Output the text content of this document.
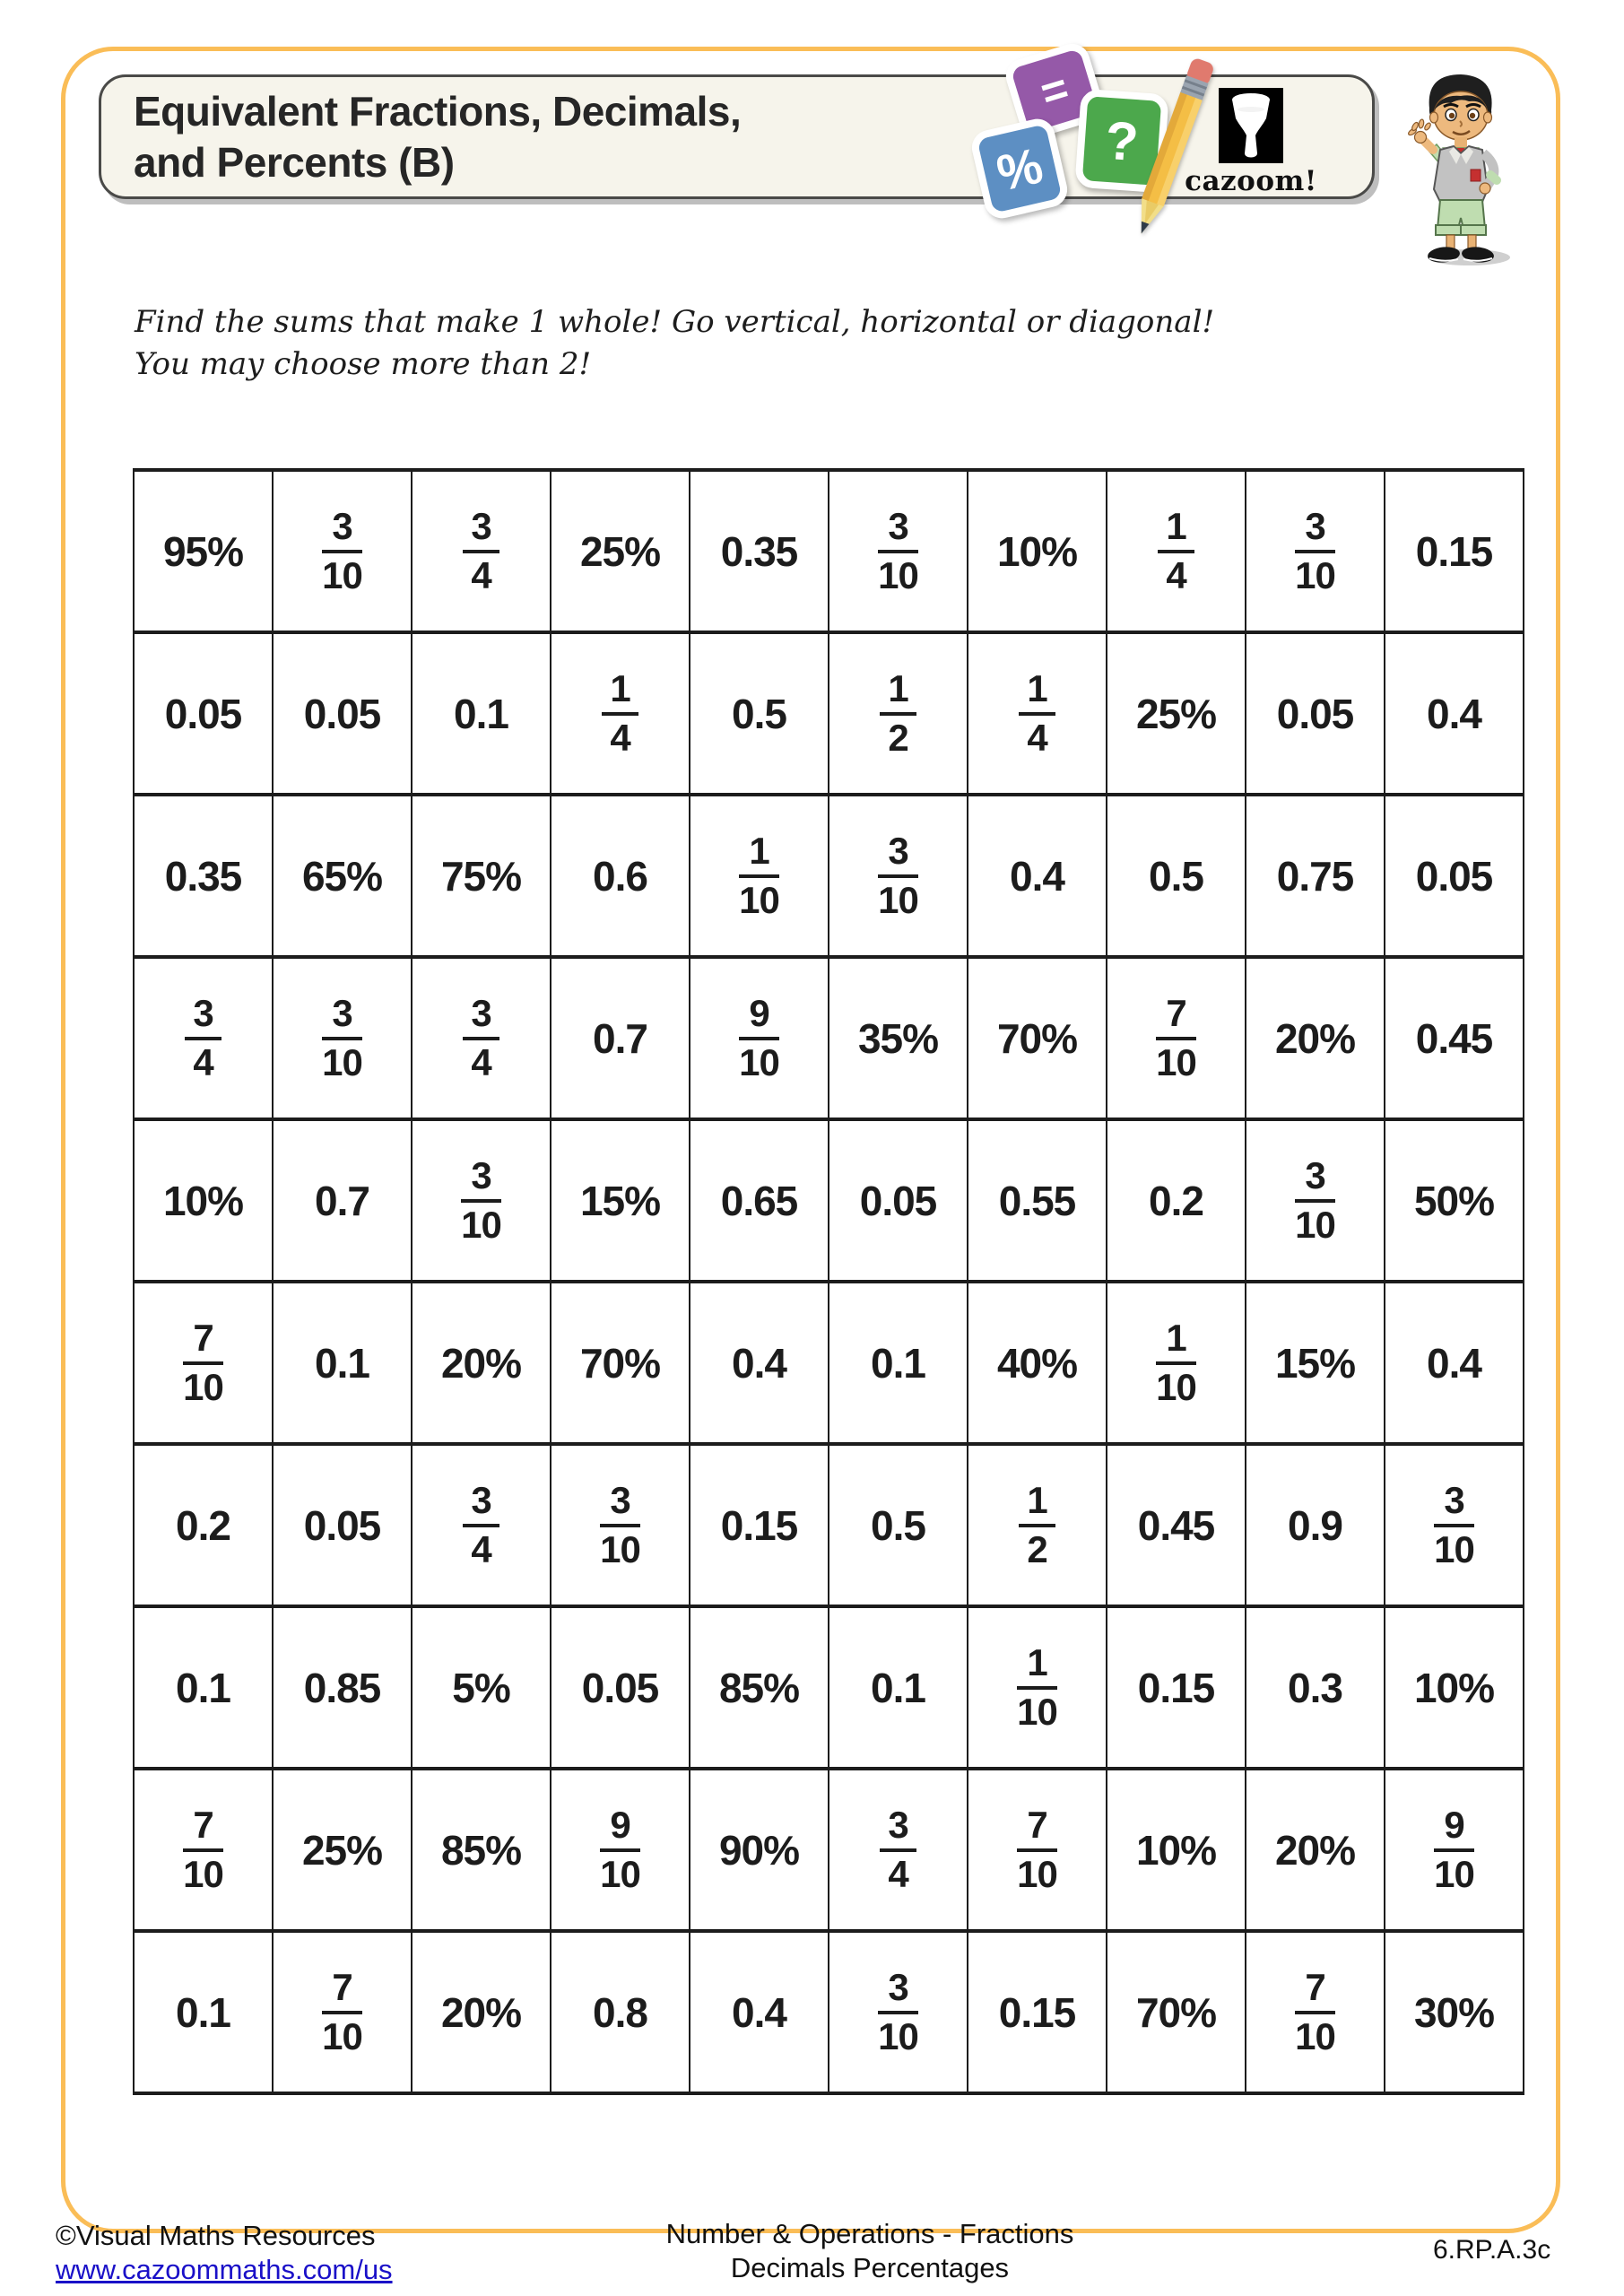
Equivalent Fractions, Decimals,
and Percents (B)	cazoom!
=
?
%
Find the sums that make 1 whole! Go vertical, horizontal or diagonal!
You may choose more than 2!
95%	$\frac{3}{10}$	$\frac{3}{4}$	25%	0.35	$\frac{3}{10}$	10%	$\frac{1}{4}$	$\frac{3}{10}$	0.15
0.05	0.05	0.1	$\frac{1}{4}$	0.5	$\frac{1}{2}$	$\frac{1}{4}$	25%	0.05	0.4
0.35	65%	75%	0.6	$\frac{1}{10}$	$\frac{3}{10}$	0.4	0.5	0.75	0.05

$\frac{3}{4}$	$\frac{3}{10}$	$\frac{3}{4}$	0.7	$\frac{9}{10}$	35%	70%	$\frac{7}{10}$	20%	0.45
10%	0.7	$\frac{3}{10}$	15%	0.65	0.05	0.55	0.2	$\frac{3}{10}$	50%

$\frac{7}{10}$	0.1	20%	70%	0.4	0.1	40%	$\frac{1}{10}$	15%	0.4
0.2	0.05	$\frac{3}{4}$	$\frac{3}{10}$	0.15	0.5	$\frac{1}{2}$	0.45	0.9	$\frac{3}{10}$

0.1	0.85	5%	0.05	85%	0.1	$\frac{1}{10}$	0.15	0.3	10%

$\frac{7}{10}$	25%	85%	$\frac{9}{10}$	90%	$\frac{3}{4}$	$\frac{7}{10}$	10%	20%	$\frac{9}{10}$

0.1	$\frac{7}{10}$	20%	0.8	0.4	$\frac{3}{10}$	0.15	70%	$\frac{7}{10}$	30%
©Visual Maths Resources
www.cazoommaths.com/us
Number & Operations - Fractions
Decimals Percentages
6.RP.A.3c
